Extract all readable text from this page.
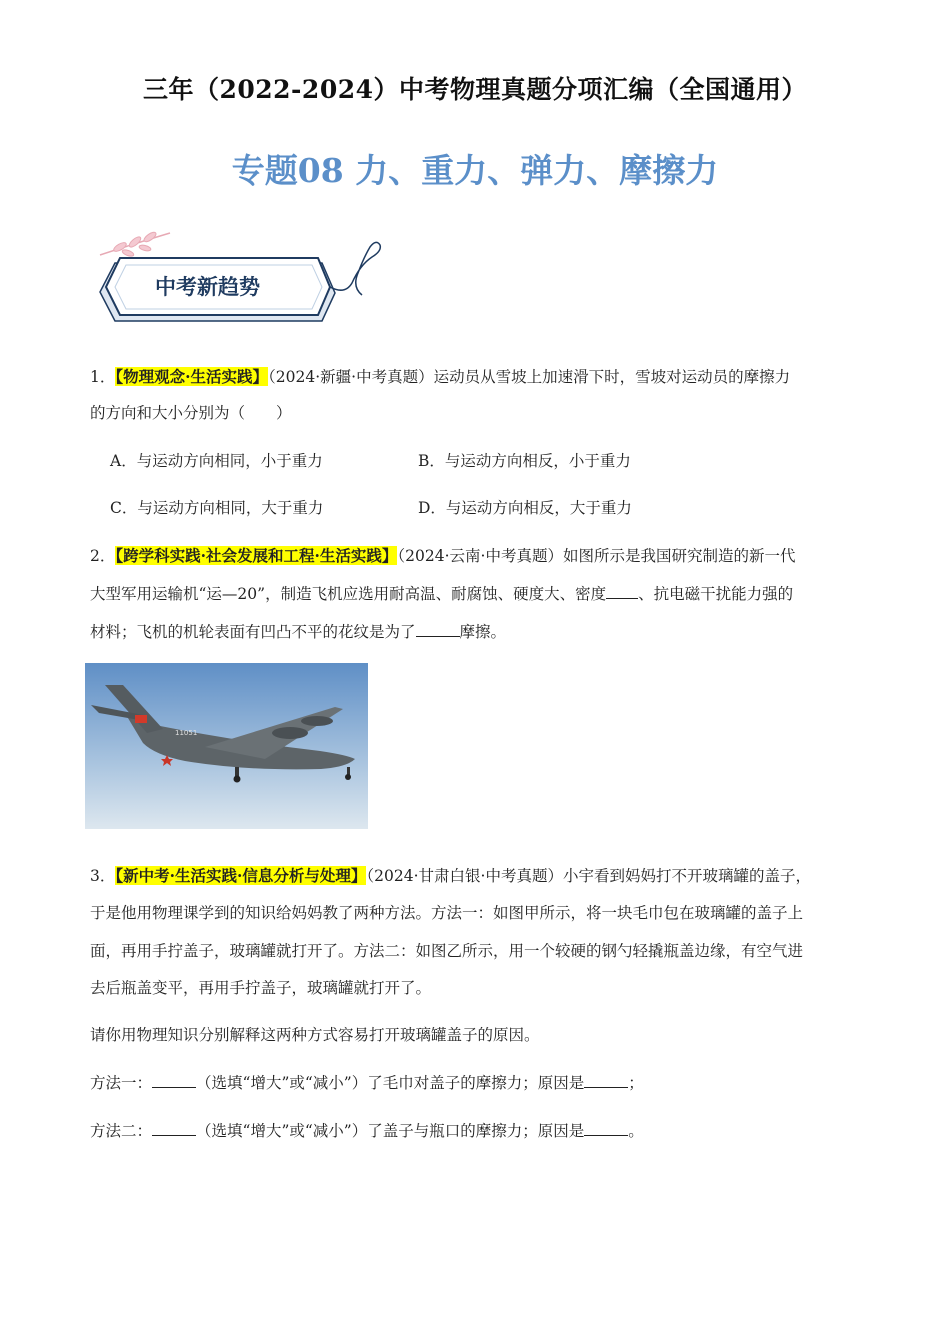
三年（2022-2024）中考物理真题分项汇编（全国通用）
专题08 力、重力、弹力、摩擦力
中考新趋势
1．【物理观念·生活实践】（2024·新疆·中考真题）运动员从雪坡上加速滑下时，雪坡对运动员的摩擦力
的方向和大小分别为（　　）
A．与运动方向相同，小于重力	B．与运动方向相反，小于重力
C．与运动方向相同，大于重力	D．与运动方向相反，大于重力
2．【跨学科实践·社会发展和工程·生活实践】（2024·云南·中考真题）如图所示是我国研究制造的新一代
大型军用运输机“运—20”，制造飞机应选用耐高温、耐腐蚀、硬度大、密度 、抗电磁干扰能力强的
材料；飞机的机轮表面有凹凸不平的花纹是为了	摩擦。
11051
3．【新中考·生活实践·信息分析与处理】（2024·甘肃白银·中考真题）小宇看到妈妈打不开玻璃罐的盖子，
于是他用物理课学到的知识给妈妈教了两种方法。方法一：如图甲所示，将一块毛巾包在玻璃罐的盖子上
面，再用手拧盖子，玻璃罐就打开了。方法二：如图乙所示，用一个较硬的钢勺轻撬瓶盖边缘，有空气进
去后瓶盖变平，再用手拧盖子，玻璃罐就打开了。
请你用物理知识分别解释这两种方式容易打开玻璃罐盖子的原因。
方法一：	（选填“增大”或“减小”）了毛巾对盖子的摩擦力；原因是	；
方法二：	（选填“增大”或“减小”）了盖子与瓶口的摩擦力；原因是	。
